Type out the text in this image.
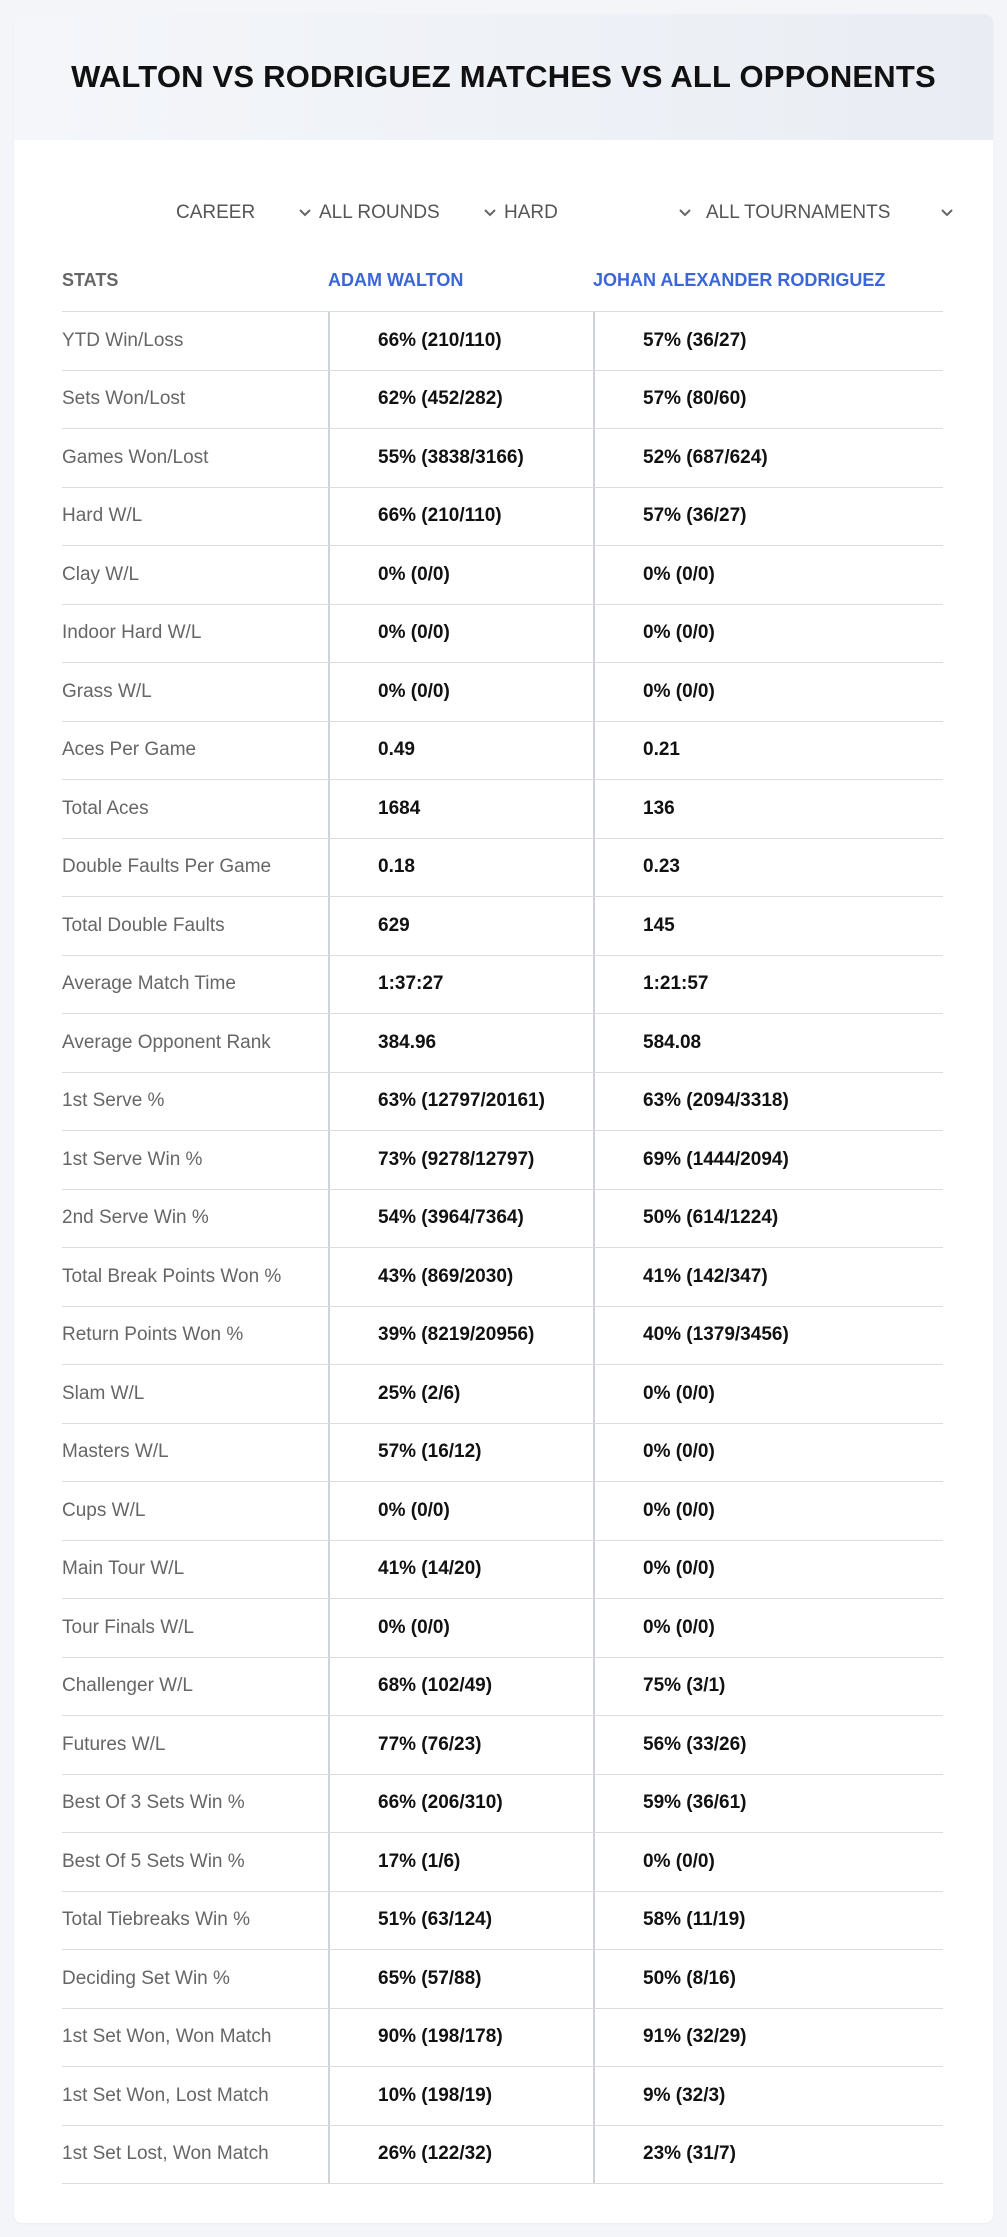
WALTON VS RODRIGUEZ MATCHES VS ALL OPPONENTS
CAREER	ALL ROUNDS	HARD	ALL TOURNAMENTS
STATS	ADAM WALTON	JOHAN ALEXANDER RODRIGUEZ
YTD Win/Loss	66% (210/110)	57% (36/27)
Sets Won/Lost	62% (452/282)	57% (80/60)
Games Won/Lost	55% (3838/3166)	52% (687/624)
Hard W/L	66% (210/110)	57% (36/27)
Clay W/L	0% (0/0)	0% (0/0)
Indoor Hard W/L	0% (0/0)	0% (0/0)
Grass W/L	0% (0/0)	0% (0/0)
Aces Per Game	0.49	0.21
Total Aces	1684	136
Double Faults Per Game	0.18	0.23
Total Double Faults	629	145
Average Match Time	1:37:27	1:21:57
Average Opponent Rank	384.96	584.08
1st Serve %	63% (12797/20161)	63% (2094/3318)
1st Serve Win %	73% (9278/12797)	69% (1444/2094)
2nd Serve Win %	54% (3964/7364)	50% (614/1224)
Total Break Points Won %	43% (869/2030)	41% (142/347)
Return Points Won %	39% (8219/20956)	40% (1379/3456)
Slam W/L	25% (2/6)	0% (0/0)
Masters W/L	57% (16/12)	0% (0/0)
Cups W/L	0% (0/0)	0% (0/0)
Main Tour W/L	41% (14/20)	0% (0/0)
Tour Finals W/L	0% (0/0)	0% (0/0)
Challenger W/L	68% (102/49)	75% (3/1)
Futures W/L	77% (76/23)	56% (33/26)
Best Of 3 Sets Win %	66% (206/310)	59% (36/61)
Best Of 5 Sets Win %	17% (1/6)	0% (0/0)
Total Tiebreaks Win %	51% (63/124)	58% (11/19)
Deciding Set Win %	65% (57/88)	50% (8/16)
1st Set Won, Won Match	90% (198/178)	91% (32/29)
1st Set Won, Lost Match	10% (198/19)	9% (32/3)
1st Set Lost, Won Match	26% (122/32)	23% (31/7)
